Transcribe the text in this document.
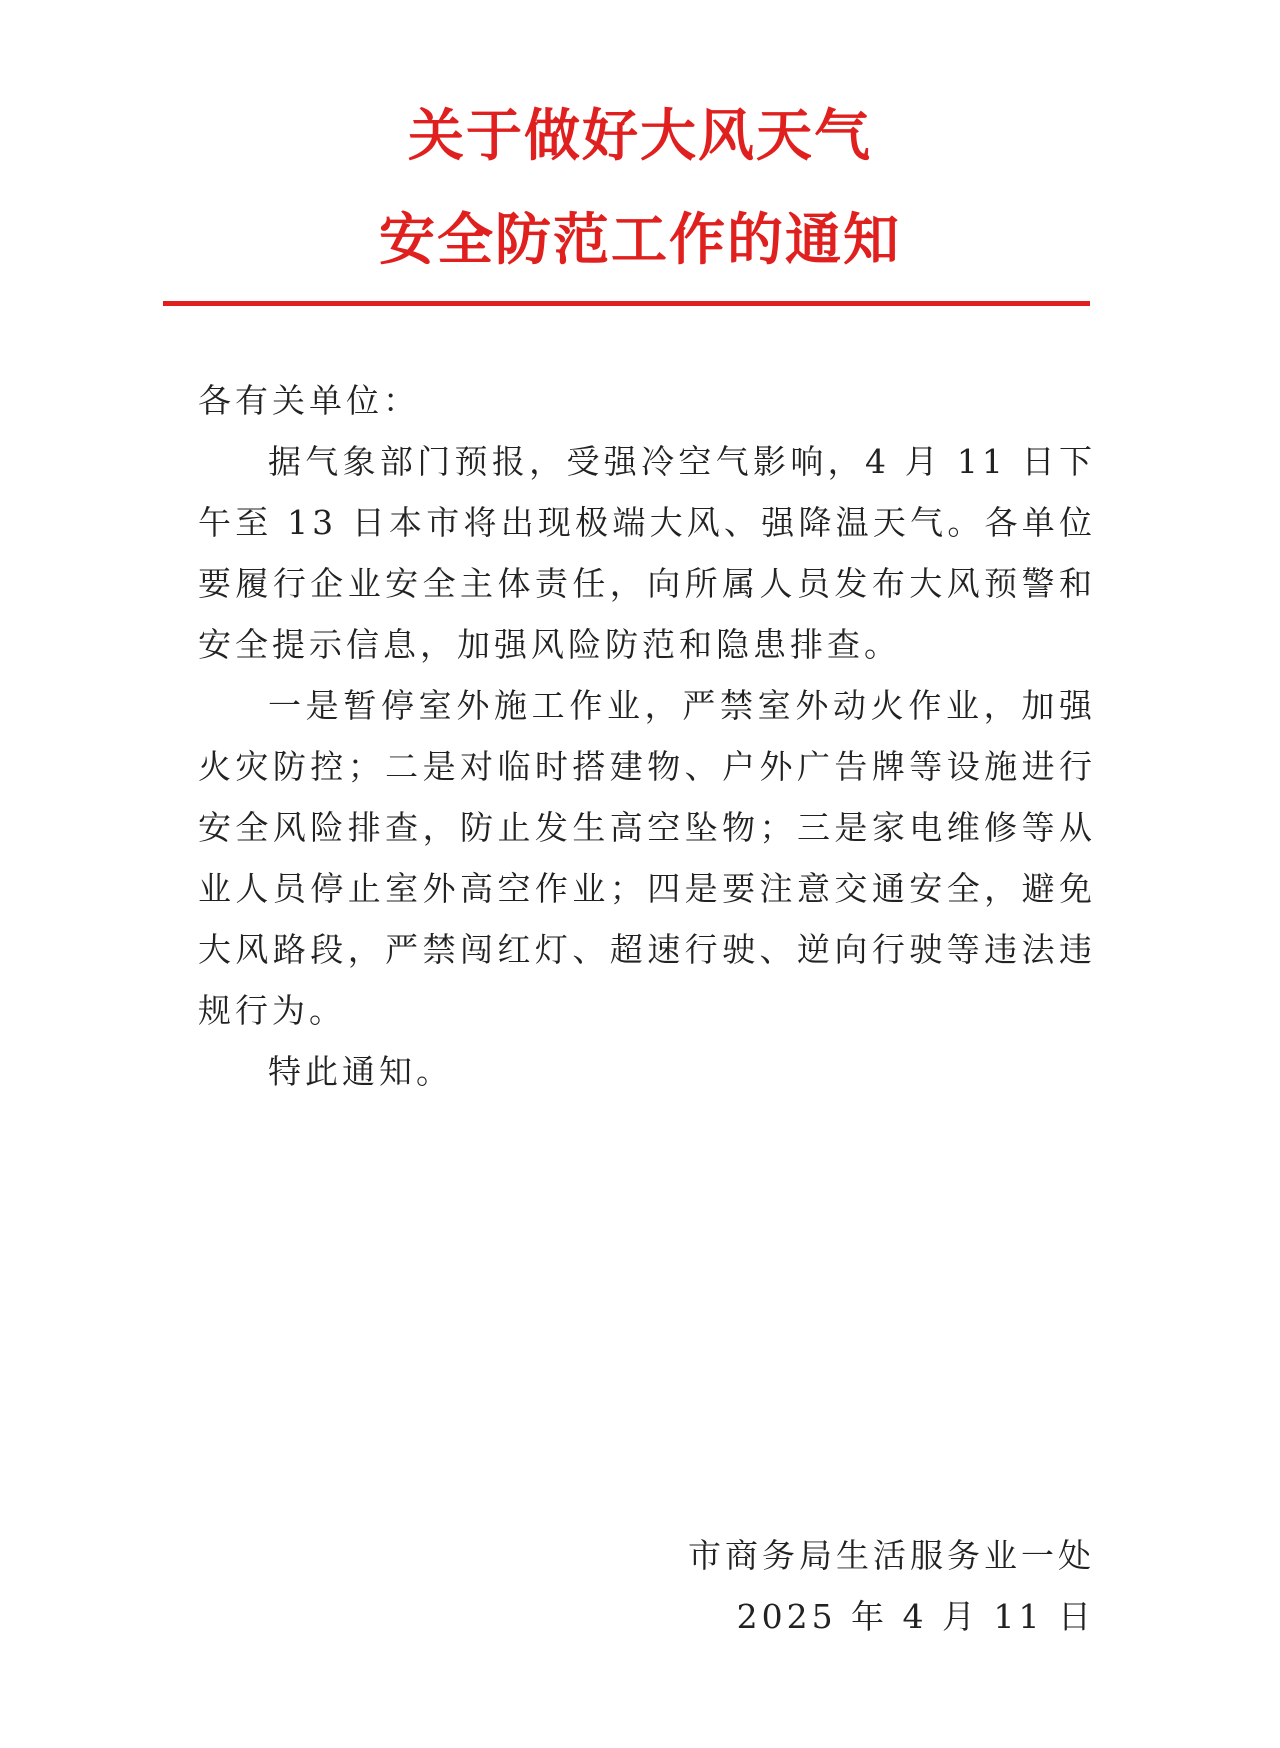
关于做好大风天气
安全防范工作的通知

各有关单位：

据气象部门预报，受强冷空气影响，4 月 11 日下午至 13 日本市将出现极端大风、强降温天气。各单位要履行企业安全主体责任，向所属人员发布大风预警和安全提示信息，加强风险防范和隐患排查。

一是暂停室外施工作业，严禁室外动火作业，加强火灾防控；二是对临时搭建物、户外广告牌等设施进行安全风险排查，防止发生高空坠物；三是家电维修等从业人员停止室外高空作业；四是要注意交通安全，避免大风路段，严禁闯红灯、超速行驶、逆向行驶等违法违规行为。

特此通知。

市商务局生活服务业一处
2025 年 4 月 11 日
